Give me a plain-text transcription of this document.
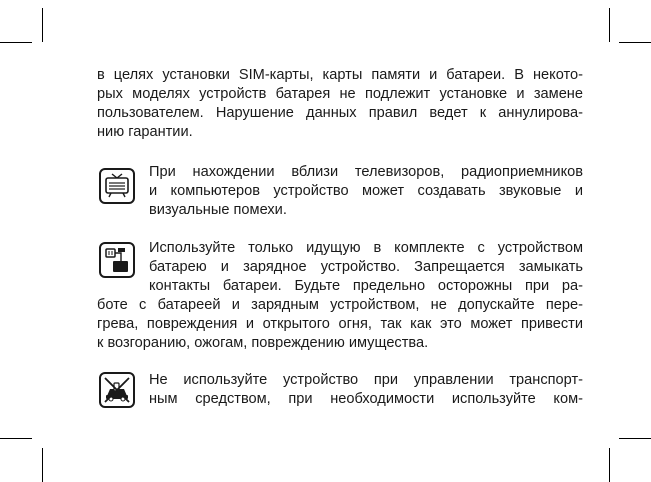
в целях установки SIM-карты, карты памяти и батареи. В некото-
рых моделях устройств батарея не подлежит установке и замене
пользователем. Нарушение данных правил ведет к аннулирова-
нию гарантии.
При нахождении вблизи телевизоров, радиоприемников
и компьютеров устройство может создавать звуковые и
визуальные помехи.
Используйте только идущую в комплекте с устройством
батарею и зарядное устройство. Запрещается замыкать
контакты батареи. Будьте предельно осторожны при ра-
боте с батареей и зарядным устройством, не допускайте пере-
грева, повреждения и открытого огня, так как это может привести
к возгоранию, ожогам, повреждению имущества.
Не используйте устройство при управлении транспорт-
ным средством, при необходимости используйте ком-
